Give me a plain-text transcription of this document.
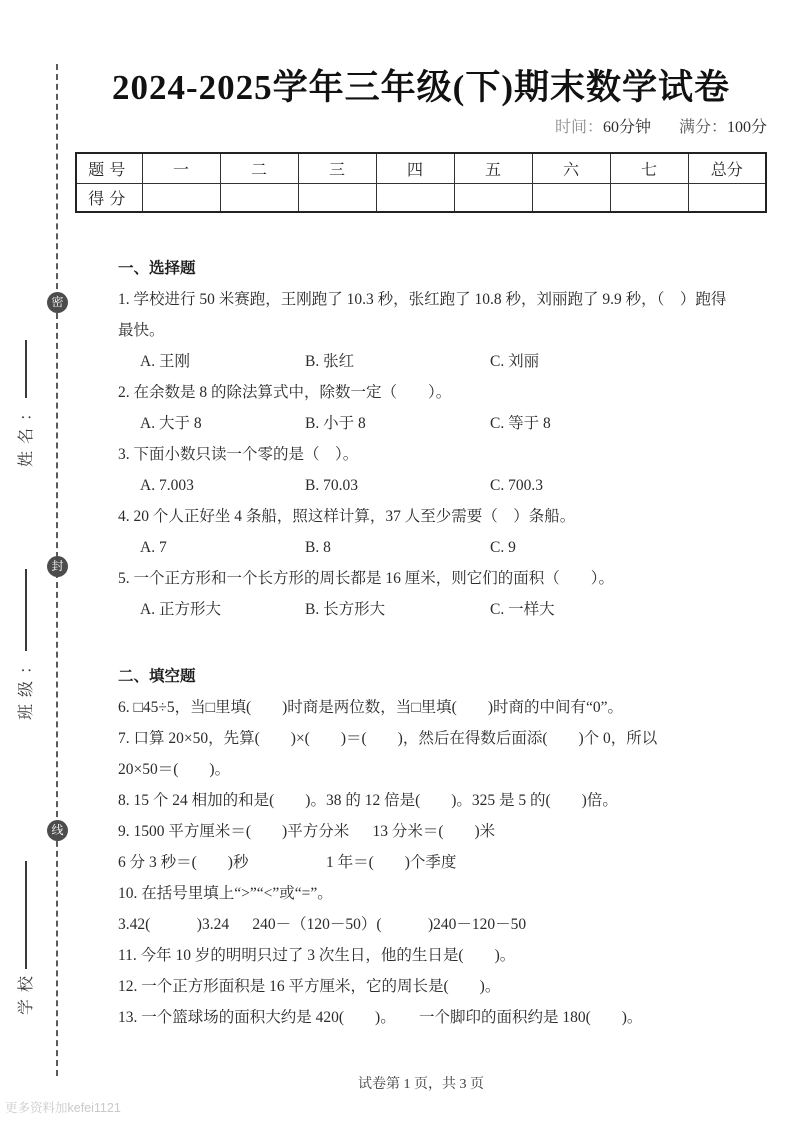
密
封
线
姓名：
班级：
学校
2024-2025学年三年级(下)期末数学试卷
时间：60分钟 满分：100分
题号	一	二	三	四	五	六	七	总分
得分								
一、选择题
1. 学校进行 50 米赛跑，王刚跑了 10.3 秒，张红跑了 10.8 秒，刘丽跑了 9.9 秒，（　）跑得
最快。
A. 王刚	B. 张红	C. 刘丽
2. 在余数是 8 的除法算式中，除数一定（　　）。
A. 大于 8	B. 小于 8	C. 等于 8
3. 下面小数只读一个零的是（　）。
A. 7.003	B. 70.03	C. 700.3
4. 20 个人正好坐 4 条船，照这样计算，37 人至少需要（　）条船。
A. 7	B. 8	C. 9
5. 一个正方形和一个长方形的周长都是 16 厘米，则它们的面积（　　）。
A. 正方形大	B. 长方形大	C. 一样大
二、填空题
6. □45÷5，当□里填(        )时商是两位数，当□里填(        )时商的中间有“0”。
7. 口算 20×50，先算(        )×(        )＝(        )，然后在得数后面添(        )个 0，所以
20×50＝(        )。
8. 15 个 24 相加的和是(        )。38 的 12 倍是(        )。325 是 5 的(        )倍。
9. 1500 平方厘米＝(        )平方分米      13 分米＝(        )米
6 分 3 秒＝(        )秒                    1 年＝(        )个季度
10. 在括号里填上“>”“<”或“=”。
3.42(            )3.24      240－（120－50）(            )240－120－50
11. 今年 10 岁的明明只过了 3 次生日，他的生日是(        )。
12. 一个正方形面积是 16 平方厘米，它的周长是(        )。
13. 一个篮球场的面积大约是 420(        )。　　一个脚印的面积约是 180(        )。
试卷第 1 页，共 3 页
更多资料加kefei1121
